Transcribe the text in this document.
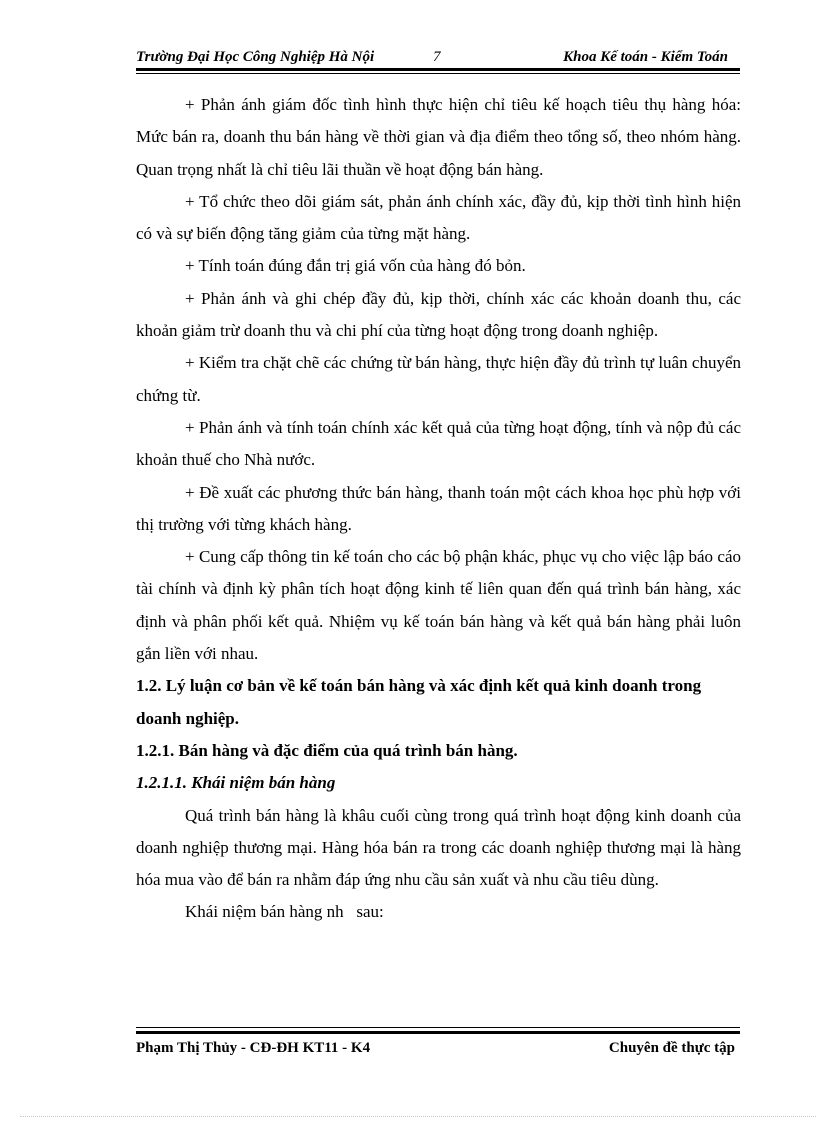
Trường Đại Học Công Nghiệp Hà Nội	7	Khoa Kế toán - Kiểm Toán

+ Phản ánh giám đốc tình hình thực hiện chỉ tiêu kế hoạch tiêu thụ hàng hóa: Mức bán ra, doanh thu bán hàng về thời gian và địa điểm theo tổng số, theo nhóm hàng. Quan trọng nhất là chỉ tiêu lãi thuần về hoạt động bán hàng.

+ Tổ chức theo dõi giám sát, phản ánh chính xác, đầy đủ, kịp thời tình hình hiện có và sự biến động tăng giảm của từng mặt hàng.

+ Tính toán đúng đắn trị giá vốn của hàng đó bỏn.

+ Phản ánh và ghi chép đầy đủ, kịp thời, chính xác các khoản doanh thu, các khoản giảm trừ doanh thu và chi phí của từng hoạt động trong doanh nghiệp.

+ Kiểm tra chặt chẽ các chứng từ bán hàng, thực hiện đầy đủ trình tự luân chuyển chứng từ.

+ Phản ánh và tính toán chính xác kết quả của từng hoạt động, tính và nộp đủ các khoản thuế cho Nhà nước.

+ Đề xuất các phương thức bán hàng, thanh toán một cách khoa học phù hợp với thị trường với từng khách hàng.

+ Cung cấp thông tin kế toán cho các bộ phận khác, phục vụ cho việc lập báo cáo tài chính và định kỳ phân tích hoạt động kinh tế liên quan đến quá trình bán hàng, xác định và phân phối kết quả. Nhiệm vụ kế toán bán hàng và kết quả bán hàng phải luôn gắn liền với nhau.

1.2. Lý luận cơ bản về kế toán bán hàng và xác định kết quả kinh doanh trong doanh nghiệp.

1.2.1. Bán hàng và đặc điểm của quá trình bán hàng.

1.2.1.1. Khái niệm bán hàng

Quá trình bán hàng là khâu cuối cùng trong quá trình hoạt động kinh doanh của doanh nghiệp thương mại. Hàng hóa bán ra trong các doanh nghiệp thương mại là hàng hóa mua vào để bán ra nhằm đáp ứng nhu cầu sản xuất và nhu cầu tiêu dùng.

Khái niệm bán hàng nh   sau:

Phạm Thị Thủy - CĐ-ĐH KT11 - K4	Chuyên đề thực tập
